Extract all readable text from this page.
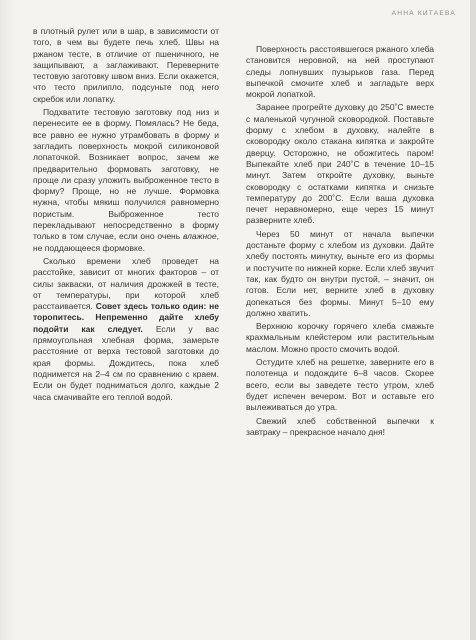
АННА КИТАЕВА

в плотный рулет или в шар, в зависимости от того, в чем вы будете печь хлеб. Швы на ржаном тесте, в отличие от пшеничного, не защипывают, а заглаживают. Переверните тестовую заготовку швом вниз. Если окажется, что тесто прилипло, подсуньте под него скребок или лопатку.

Подхватите тестовую заготовку под низ и перенесите ее в форму. Помялась? Не беда, все равно ее нужно утрамбовать в форму и загладить поверхность мокрой силиконовой лопаточкой. Возникает вопрос, зачем же предварительно формовать заготовку, не проще ли сразу уложить выброженное тесто в форму? Проще, но не лучше. Формовка нужна, чтобы мякиш получился равномерно пористым. Выброженное тесто перекладывают непосредственно в форму только в том случае, если оно очень влажное, не поддающееся формовке.

Сколько времени хлеб проведет на расстойке, зависит от многих факторов – от силы закваски, от наличия дрожжей в тесте, от температуры, при которой хлеб расстаивается. Совет здесь только один: не торопитесь. Непременно дайте хлебу подойти как следует. Если у вас прямоугольная хлебная форма, замерьте расстояние от верха тестовой заготовки до края формы. Дождитесь, пока хлеб поднимется на 2–4 см по сравнению с краем. Если он будет подниматься долго, каждые 2 часа смачивайте его теплой водой.

Поверхность расстоявшегося ржаного хлеба становится неровной, на ней проступают следы лопнувших пузырьков газа. Перед выпечкой смочите хлеб и загладьте верх мокрой лопаткой.

Заранее прогрейте духовку до 250˚C вместе с маленькой чугунной сковородкой. Поставьте форму с хлебом в духовку, налейте в сковородку около стакана кипятка и закройте дверцу. Осторожно, не обожгитесь паром! Выпекайте хлеб при 240˚C в течение 10–15 минут. Затем откройте духовку, выньте сковородку с остатками кипятка и снизьте температуру до 200˚C. Если ваша духовка печет неравномерно, еще через 15 минут разверните хлеб.

Через 50 минут от начала выпечки достаньте форму с хлебом из духовки. Дайте хлебу постоять минутку, выньте его из формы и постучите по нижней корке. Если хлеб звучит так, как будто он внутри пустой, – значит, он готов. Если нет, верните хлеб в духовку допекаться без формы. Минут 5–10 ему должно хватить.

Верхнюю корочку горячего хлеба смажьте крахмальным клейстером или растительным маслом. Можно просто смочить водой.

Остудите хлеб на решетке, заверните его в полотенца и подождите 6–8 часов. Скорее всего, если вы заведете тесто утром, хлеб будет испечен вечером. Вот и оставьте его вылеживаться до утра.

Свежий хлеб собственной выпечки к завтраку – прекрасное начало дня!
